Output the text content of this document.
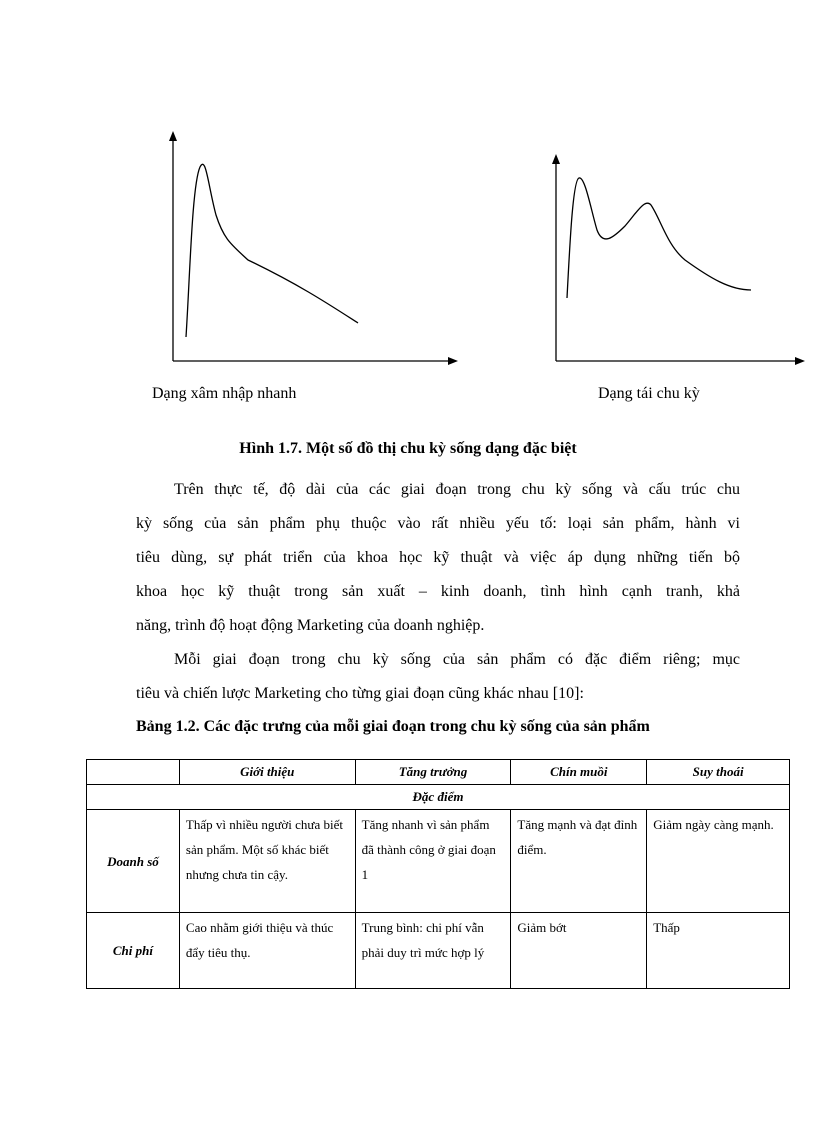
Dạng xâm nhập nhanh	Dạng tái chu kỳ
Hình 1.7. Một số đồ thị chu kỳ sống dạng đặc biệt
Trên thực tế, độ dài của các giai đoạn trong chu kỳ sống và cấu trúc chu
kỳ sống của sản phẩm phụ thuộc vào rất nhiều yếu tố: loại sản phẩm, hành vi
tiêu dùng, sự phát triển của khoa học kỹ thuật và việc áp dụng những tiến bộ
khoa học kỹ thuật trong sản xuất – kinh doanh, tình hình cạnh tranh, khả
năng, trình độ hoạt động Marketing của doanh nghiệp.
Mỗi giai đoạn trong chu kỳ sống của sản phẩm có đặc điểm riêng; mục
tiêu và chiến lược Marketing cho từng giai đoạn cũng khác nhau [10]:
Bảng 1.2. Các đặc trưng của mỗi giai đoạn trong chu kỳ sống của sản phẩm
	Giới thiệu	Tăng trưởng	Chín muồi	Suy thoái
Đặc điểm				
Doanh số	Thấp vì nhiều người chưa biết sản phẩm. Một số khác biết nhưng chưa tin cậy.	Tăng nhanh vì sản phẩm đã thành công ở giai đoạn 1	Tăng mạnh và đạt đỉnh điểm.	Giảm ngày càng mạnh.
Chi phí	Cao nhằm giới thiệu và thúc đẩy tiêu thụ.	Trung bình: chi phí vẫn phải duy trì mức hợp lý	Giảm bớt	Thấp
